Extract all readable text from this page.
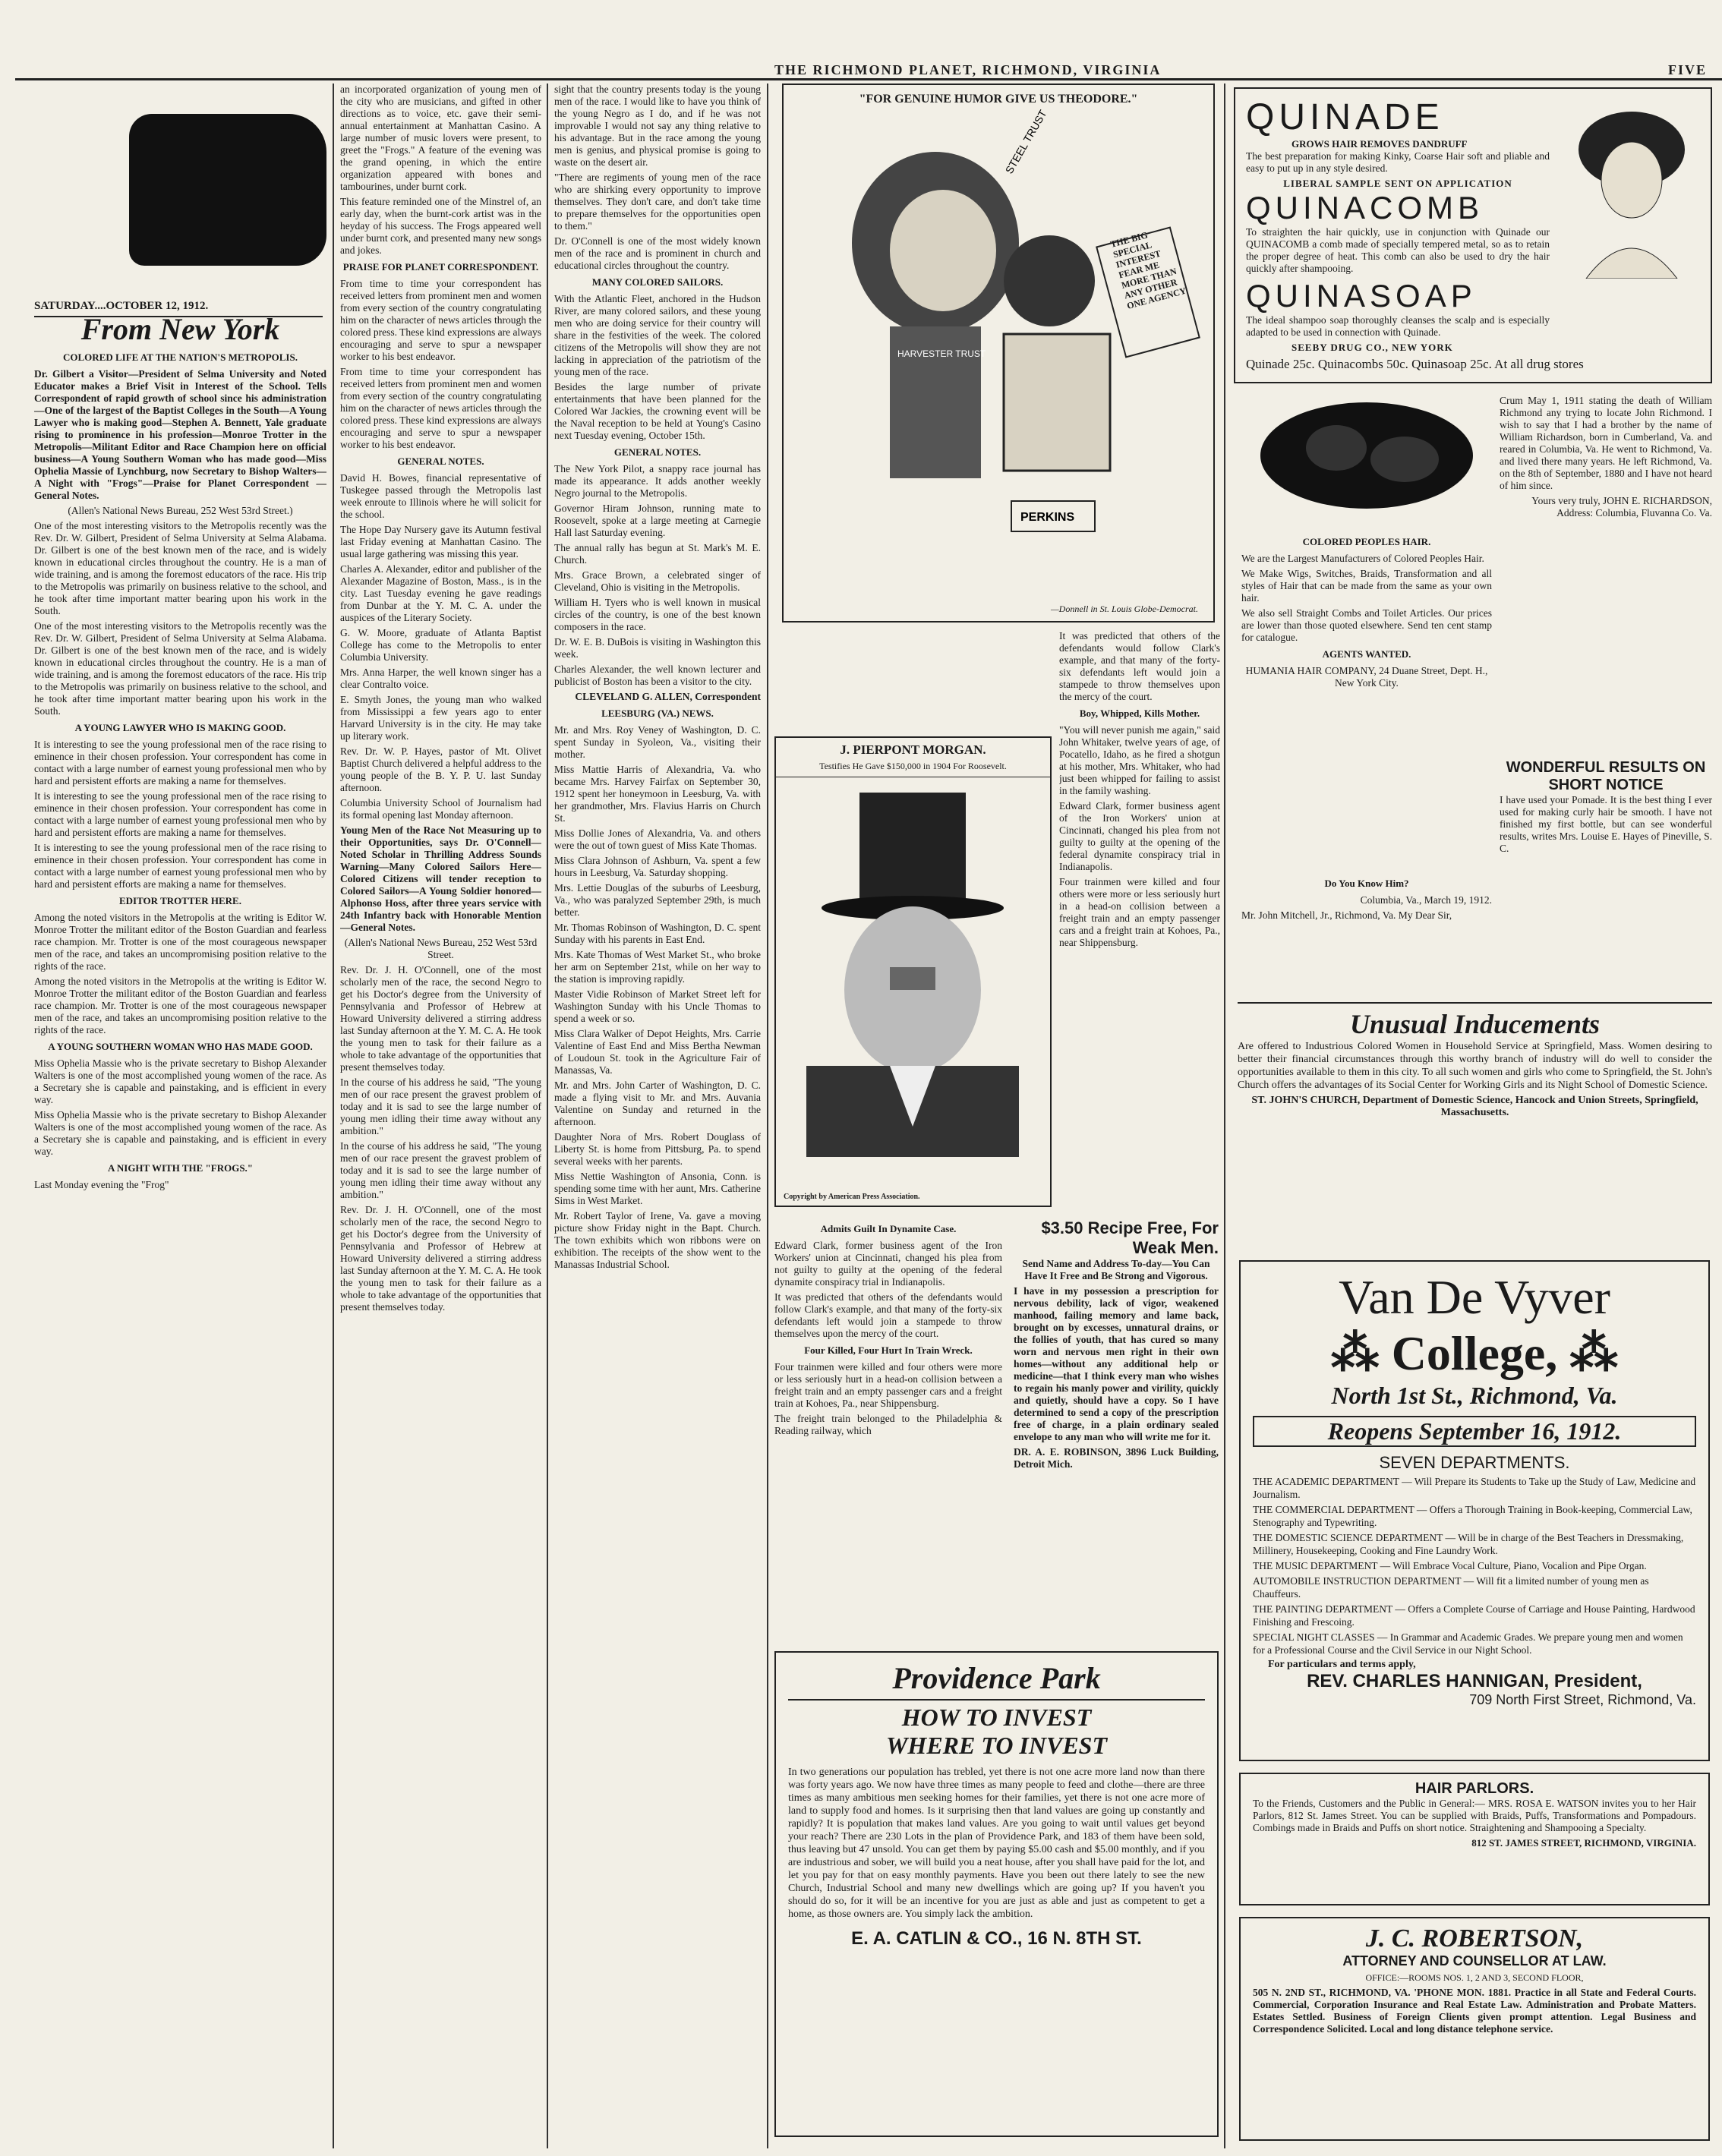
THE RICHMOND PLANET, RICHMOND, VIRGINIA	FIVE
SATURDAY....OCTOBER 12, 1912.
From New York
COLORED LIFE AT THE NATION'S METROPOLIS.

Dr. Gilbert a Visitor—President of Selma University and Noted Educator makes a Brief Visit in Interest of the School. Tells Correspondent of rapid growth of school since his administration—One of the largest of the Baptist Colleges in the South—A Young Lawyer who is making good—Stephen A. Bennett, Yale graduate rising to prominence in his profession—Monroe Trotter in the Metropolis—Militant Editor and Race Champion here on official business—A Young Southern Woman who has made good—Miss Ophelia Massie of Lynchburg, now Secretary to Bishop Walters—A Night with "Frogs"—Praise for Planet Correspondent — General Notes.

(Allen's National News Bureau, 252 West 53rd Street.)

One of the most interesting visitors to the Metropolis recently was the Rev. Dr. W. Gilbert, President of Selma University at Selma Alabama. Dr. Gilbert is one of the best known men of the race, and is widely known in educational circles throughout the country. He is a man of wide training, and is among the foremost educators of the race. His trip to the Metropolis was primarily on business relative to the school, and he took after time important matter bearing upon his work in the South.

One of the most interesting visitors to the Metropolis recently was the Rev. Dr. W. Gilbert, President of Selma University at Selma Alabama. Dr. Gilbert is one of the best known men of the race, and is widely known in educational circles throughout the country. He is a man of wide training, and is among the foremost educators of the race. His trip to the Metropolis was primarily on business relative to the school, and he took after time important matter bearing upon his work in the South.

A YOUNG LAWYER WHO IS MAKING GOOD.

It is interesting to see the young professional men of the race rising to eminence in their chosen profession. Your correspondent has come in contact with a large number of earnest young professional men who by hard and persistent efforts are making a name for themselves.

It is interesting to see the young professional men of the race rising to eminence in their chosen profession. Your correspondent has come in contact with a large number of earnest young professional men who by hard and persistent efforts are making a name for themselves.

It is interesting to see the young professional men of the race rising to eminence in their chosen profession. Your correspondent has come in contact with a large number of earnest young professional men who by hard and persistent efforts are making a name for themselves.

EDITOR TROTTER HERE.

Among the noted visitors in the Metropolis at the writing is Editor W. Monroe Trotter the militant editor of the Boston Guardian and fearless race champion. Mr. Trotter is one of the most courageous newspaper men of the race, and takes an uncompromising position relative to the rights of the race.

Among the noted visitors in the Metropolis at the writing is Editor W. Monroe Trotter the militant editor of the Boston Guardian and fearless race champion. Mr. Trotter is one of the most courageous newspaper men of the race, and takes an uncompromising position relative to the rights of the race.

A YOUNG SOUTHERN WOMAN WHO HAS MADE GOOD.

Miss Ophelia Massie who is the private secretary to Bishop Alexander Walters is one of the most accomplished young women of the race. As a Secretary she is capable and painstaking, and is efficient in every way.

Miss Ophelia Massie who is the private secretary to Bishop Alexander Walters is one of the most accomplished young women of the race. As a Secretary she is capable and painstaking, and is efficient in every way.

A NIGHT WITH THE "FROGS."

Last Monday evening the "Frog"

an incorporated organization of young men of the city who are musicians, and gifted in other directions as to voice, etc. gave their semi-annual entertainment at Manhattan Casino. A large number of music lovers were present, to greet the "Frogs." A feature of the evening was the grand opening, in which the entire organization appeared with bones and tambourines, under burnt cork.

This feature reminded one of the Minstrel of, an early day, when the burnt-cork artist was in the heyday of his success. The Frogs appeared well under burnt cork, and presented many new songs and jokes.

PRAISE FOR PLANET CORRESPONDENT.

From time to time your correspondent has received letters from prominent men and women from every section of the country congratulating him on the character of news articles through the colored press. These kind expressions are always encouraging and serve to spur a newspaper worker to his best endeavor.

From time to time your correspondent has received letters from prominent men and women from every section of the country congratulating him on the character of news articles through the colored press. These kind expressions are always encouraging and serve to spur a newspaper worker to his best endeavor.

GENERAL NOTES.

David H. Bowes, financial representative of Tuskegee passed through the Metropolis last week enroute to Illinois where he will solicit for the school.

The Hope Day Nursery gave its Autumn festival last Friday evening at Manhattan Casino. The usual large gathering was missing this year.

Charles A. Alexander, editor and publisher of the Alexander Magazine of Boston, Mass., is in the city. Last Tuesday evening he gave readings from Dunbar at the Y. M. C. A. under the auspices of the Literary Society.

G. W. Moore, graduate of Atlanta Baptist College has come to the Metropolis to enter Columbia University.

Mrs. Anna Harper, the well known singer has a clear Contralto voice.

E. Smyth Jones, the young man who walked from Mississippi a few years ago to enter Harvard University is in the city. He may take up literary work.

Rev. Dr. W. P. Hayes, pastor of Mt. Olivet Baptist Church delivered a helpful address to the young people of the B. Y. P. U. last Sunday afternoon.

Columbia University School of Journalism had its formal opening last Monday afternoon.

Young Men of the Race Not Measuring up to their Opportunities, says Dr. O'Connell—Noted Scholar in Thrilling Address Sounds Warning—Many Colored Sailors Here—Colored Citizens will tender reception to Colored Sailors—A Young Soldier honored—Alphonso Hoss, after three years service with 24th Infantry back with Honorable Mention—General Notes.

(Allen's National News Bureau, 252 West 53rd Street.

Rev. Dr. J. H. O'Connell, one of the most scholarly men of the race, the second Negro to get his Doctor's degree from the University of Pennsylvania and Professor of Hebrew at Howard University delivered a stirring address last Sunday afternoon at the Y. M. C. A. He took the young men to task for their failure as a whole to take advantage of the opportunities that present themselves today.

In the course of his address he said, "The young men of our race present the gravest problem of today and it is sad to see the large number of young men idling their time away without any ambition."

In the course of his address he said, "The young men of our race present the gravest problem of today and it is sad to see the large number of young men idling their time away without any ambition."

Rev. Dr. J. H. O'Connell, one of the most scholarly men of the race, the second Negro to get his Doctor's degree from the University of Pennsylvania and Professor of Hebrew at Howard University delivered a stirring address last Sunday afternoon at the Y. M. C. A. He took the young men to task for their failure as a whole to take advantage of the opportunities that present themselves today.

sight that the country presents today is the young men of the race. I would like to have you think of the young Negro as I do, and if he was not improvable I would not say any thing relative to his advantage. But in the race among the young men is genius, and physical promise is going to waste on the desert air.

"There are regiments of young men of the race who are shirking every opportunity to improve themselves. They don't care, and don't take time to prepare themselves for the opportunities open to them."

Dr. O'Connell is one of the most widely known men of the race and is prominent in church and educational circles throughout the country.

MANY COLORED SAILORS.

With the Atlantic Fleet, anchored in the Hudson River, are many colored sailors, and these young men who are doing service for their country will share in the festivities of the week. The colored citizens of the Metropolis will show they are not lacking in appreciation of the patriotism of the young men of the race.

Besides the large number of private entertainments that have been planned for the Colored War Jackies, the crowning event will be the Naval reception to be held at Young's Casino next Tuesday evening, October 15th.

GENERAL NOTES.

The New York Pilot, a snappy race journal has made its appearance. It adds another weekly Negro journal to the Metropolis.

Governor Hiram Johnson, running mate to Roosevelt, spoke at a large meeting at Carnegie Hall last Saturday evening.

The annual rally has begun at St. Mark's M. E. Church.

Mrs. Grace Brown, a celebrated singer of Cleveland, Ohio is visiting in the Metropolis.

William H. Tyers who is well known in musical circles of the country, is one of the best known composers in the race.

Dr. W. E. B. DuBois is visiting in Washington this week.

Charles Alexander, the well known lecturer and publicist of Boston has been a visitor to the city.

CLEVELAND G. ALLEN, Correspondent

LEESBURG (VA.) NEWS.

Mr. and Mrs. Roy Veney of Washington, D. C. spent Sunday in Syoleon, Va., visiting their mother.

Miss Mattie Harris of Alexandria, Va. who became Mrs. Harvey Fairfax on September 30, 1912 spent her honeymoon in Leesburg, Va. with her grandmother, Mrs. Flavius Harris on Church St.

Miss Dollie Jones of Alexandria, Va. and others were the out of town guest of Miss Kate Thomas.

Miss Clara Johnson of Ashburn, Va. spent a few hours in Leesburg, Va. Saturday shopping.

Mrs. Lettie Douglas of the suburbs of Leesburg, Va., who was paralyzed September 29th, is much better.

Mr. Thomas Robinson of Washington, D. C. spent Sunday with his parents in East End.

Mrs. Kate Thomas of West Market St., who broke her arm on September 21st, while on her way to the station is improving rapidly.

Master Vidie Robinson of Market Street left for Washington Sunday with his Uncle Thomas to spend a week or so.

Miss Clara Walker of Depot Heights, Mrs. Carrie Valentine of East End and Miss Bertha Newman of Loudoun St. took in the Agriculture Fair of Manassas, Va.

Mr. and Mrs. John Carter of Washington, D. C. made a flying visit to Mr. and Mrs. Auvania Valentine on Sunday and returned in the afternoon.

Daughter Nora of Mrs. Robert Douglass of Liberty St. is home from Pittsburg, Pa. to spend several weeks with her parents.

Miss Nettie Washington of Ansonia, Conn. is spending some time with her aunt, Mrs. Catherine Sims in West Market.

Mr. Robert Taylor of Irene, Va. gave a moving picture show Friday night in the Bapt. Church. The town exhibits which won ribbons were on exhibition. The receipts of the show went to the Manassas Industrial School.

"FOR GENUINE HUMOR GIVE US THEODORE."
STEEL TRUST
HARVESTER TRUST
PERKINS
THE BIG SPECIAL INTEREST FEAR ME MORE THAN ANY OTHER ONE AGENCY
—Donnell in St. Louis Globe-Democrat.

It was predicted that others of the defendants would follow Clark's example, and that many of the forty-six defendants left would join a stampede to throw themselves upon the mercy of the court.

Boy, Whipped, Kills Mother.

"You will never punish me again," said John Whitaker, twelve years of age, of Pocatello, Idaho, as he fired a shotgun at his mother, Mrs. Whitaker, who had just been whipped for failing to assist in the family washing.

Edward Clark, former business agent of the Iron Workers' union at Cincinnati, changed his plea from not guilty to guilty at the opening of the federal dynamite conspiracy trial in Indianapolis.

Four trainmen were killed and four others were more or less seriously hurt in a head-on collision between a freight train and an empty passenger cars and a freight train at Kohoes, Pa., near Shippensburg.

J. PIERPONT MORGAN.
Testifies He Gave $150,000 in 1904 For Roosevelt.
Copyright by American Press Association.
Admits Guilt In Dynamite Case.

Edward Clark, former business agent of the Iron Workers' union at Cincinnati, changed his plea from not guilty to guilty at the opening of the federal dynamite conspiracy trial in Indianapolis.

It was predicted that others of the defendants would follow Clark's example, and that many of the forty-six defendants left would join a stampede to throw themselves upon the mercy of the court.

Four Killed, Four Hurt In Train Wreck.

Four trainmen were killed and four others were more or less seriously hurt in a head-on collision between a freight train and an empty passenger cars and a freight train at Kohoes, Pa., near Shippensburg.

The freight train belonged to the Philadelphia & Reading railway, which

$3.50 Recipe Free, For Weak Men.

Send Name and Address To-day—You Can Have It Free and Be Strong and Vigorous.

I have in my possession a prescription for nervous debility, lack of vigor, weakened manhood, failing memory and lame back, brought on by excesses, unnatural drains, or the follies of youth, that has cured so many worn and nervous men right in their own homes—without any additional help or medicine—that I think every man who wishes to regain his manly power and virility, quickly and quietly, should have a copy. So I have determined to send a copy of the prescription free of charge, in a plain ordinary sealed envelope to any man who will write me for it.

DR. A. E. ROBINSON, 3896 Luck Building, Detroit Mich.

Providence Park
HOW TO INVEST
WHERE TO INVEST

In two generations our population has trebled, yet there is not one acre more land now than there was forty years ago. We now have three times as many people to feed and clothe—there are three times as many ambitious men seeking homes for their families, yet there is not one acre more of land to supply food and homes. Is it surprising then that land values are going up constantly and rapidly? It is population that makes land values. Are you going to wait until values get beyond your reach? There are 230 Lots in the plan of Providence Park, and 183 of them have been sold, thus leaving but 47 unsold. You can get them by paying $5.00 cash and $5.00 monthly, and if you are industrious and sober, we will build you a neat house, after you shall have paid for the lot, and let you pay for that on easy monthly payments. Have you been out there lately to see the new Church, Industrial School and many new dwellings which are going up? If you haven't you should do so, for it will be an incentive for you are just as able and just as competent to get a home, as those owners are. You simply lack the ambition.

E. A. CATLIN & CO., 16 N. 8TH ST.
QUINADE
GROWS HAIR REMOVES DANDRUFF

The best preparation for making Kinky, Coarse Hair soft and pliable and easy to put up in any style desired.

LIBERAL SAMPLE SENT ON APPLICATION
QUINACOMB

To straighten the hair quickly, use in conjunction with Quinade our QUINACOMB a comb made of specially tempered metal, so as to retain the proper degree of heat. This comb can also be used to dry the hair quickly after shampooing.

QUINASOAP

The ideal shampoo soap thoroughly cleanses the scalp and is especially adapted to be used in connection with Quinade.

SEEBY DRUG CO., NEW YORK
Quinade 25c. Quinacombs 50c. Quinasoap 25c. At all drug stores
COLORED PEOPLES HAIR.

We are the Largest Manufacturers of Colored Peoples Hair.

We Make Wigs, Switches, Braids, Transformation and all styles of Hair that can be made from the same as your own hair.

We also sell Straight Combs and Toilet Articles. Our prices are lower than those quoted elsewhere. Send ten cent stamp for catalogue.

AGENTS WANTED.

HUMANIA HAIR COMPANY, 24 Duane Street, Dept. H., New York City.

Crum May 1, 1911 stating the death of William Richmond any trying to locate John Richmond. I wish to say that I had a brother by the name of William Richardson, born in Cumberland, Va. and reared in Columbia, Va. He went to Richmond, Va. and lived there many years. He left Richmond, Va. on the 8th of September, 1880 and I have not heard of him since.

Yours very truly, JOHN E. RICHARDSON, Address: Columbia, Fluvanna Co. Va.

WONDERFUL RESULTS ON SHORT NOTICE

I have used your Pomade. It is the best thing I ever used for making curly hair be smooth. I have not finished my first bottle, but can see wonderful results, writes Mrs. Louise E. Hayes of Pineville, S. C.

Do You Know Him?

Columbia, Va., March 19, 1912.

Mr. John Mitchell, Jr., Richmond, Va. My Dear Sir,

Unusual Inducements

Are offered to Industrious Colored Women in Household Service at Springfield, Mass. Women desiring to better their financial circumstances through this worthy branch of industry will do well to consider the opportunities available to them in this city. To all such women and girls who come to Springfield, the St. John's Church offers the advantages of its Social Center for Working Girls and its Night School of Domestic Science.

ST. JOHN'S CHURCH, Department of Domestic Science, Hancock and Union Streets, Springfield, Massachusetts.

Van De Vyver
⁂ College, ⁂
North 1st St., Richmond, Va.
Reopens September 16, 1912.
SEVEN DEPARTMENTS.
THE ACADEMIC DEPARTMENT — Will Prepare its Students to Take up the Study of Law, Medicine and Journalism.
THE COMMERCIAL DEPARTMENT — Offers a Thorough Training in Book-keeping, Commercial Law, Stenography and Typewriting.
THE DOMESTIC SCIENCE DEPARTMENT — Will be in charge of the Best Teachers in Dressmaking, Millinery, Housekeeping, Cooking and Fine Laundry Work.
THE MUSIC DEPARTMENT — Will Embrace Vocal Culture, Piano, Vocalion and Pipe Organ.
AUTOMOBILE INSTRUCTION DEPARTMENT — Will fit a limited number of young men as Chauffeurs.
THE PAINTING DEPARTMENT — Offers a Complete Course of Carriage and House Painting, Hardwood Finishing and Frescoing.
SPECIAL NIGHT CLASSES — In Grammar and Academic Grades. We prepare young men and women for a Professional Course and the Civil Service in our Night School.
For particulars and terms apply,
REV. CHARLES HANNIGAN, President,
709 North First Street, Richmond, Va.
HAIR PARLORS.

To the Friends, Customers and the Public in General:— MRS. ROSA E. WATSON invites you to her Hair Parlors, 812 St. James Street. You can be supplied with Braids, Puffs, Transformations and Pompadours. Combings made in Braids and Puffs on short notice. Straightening and Shampooing a Specialty.

812 ST. JAMES STREET, RICHMOND, VIRGINIA.
J. C. ROBERTSON,
ATTORNEY AND COUNSELLOR AT LAW.
OFFICE:—ROOMS NOS. 1, 2 AND 3, SECOND FLOOR,

505 N. 2ND ST., RICHMOND, VA. 'PHONE MON. 1881. Practice in all State and Federal Courts. Commercial, Corporation Insurance and Real Estate Law. Administration and Probate Matters. Estates Settled. Business of Foreign Clients given prompt attention. Legal Business and Correspondence Solicited. Local and long distance telephone service.
